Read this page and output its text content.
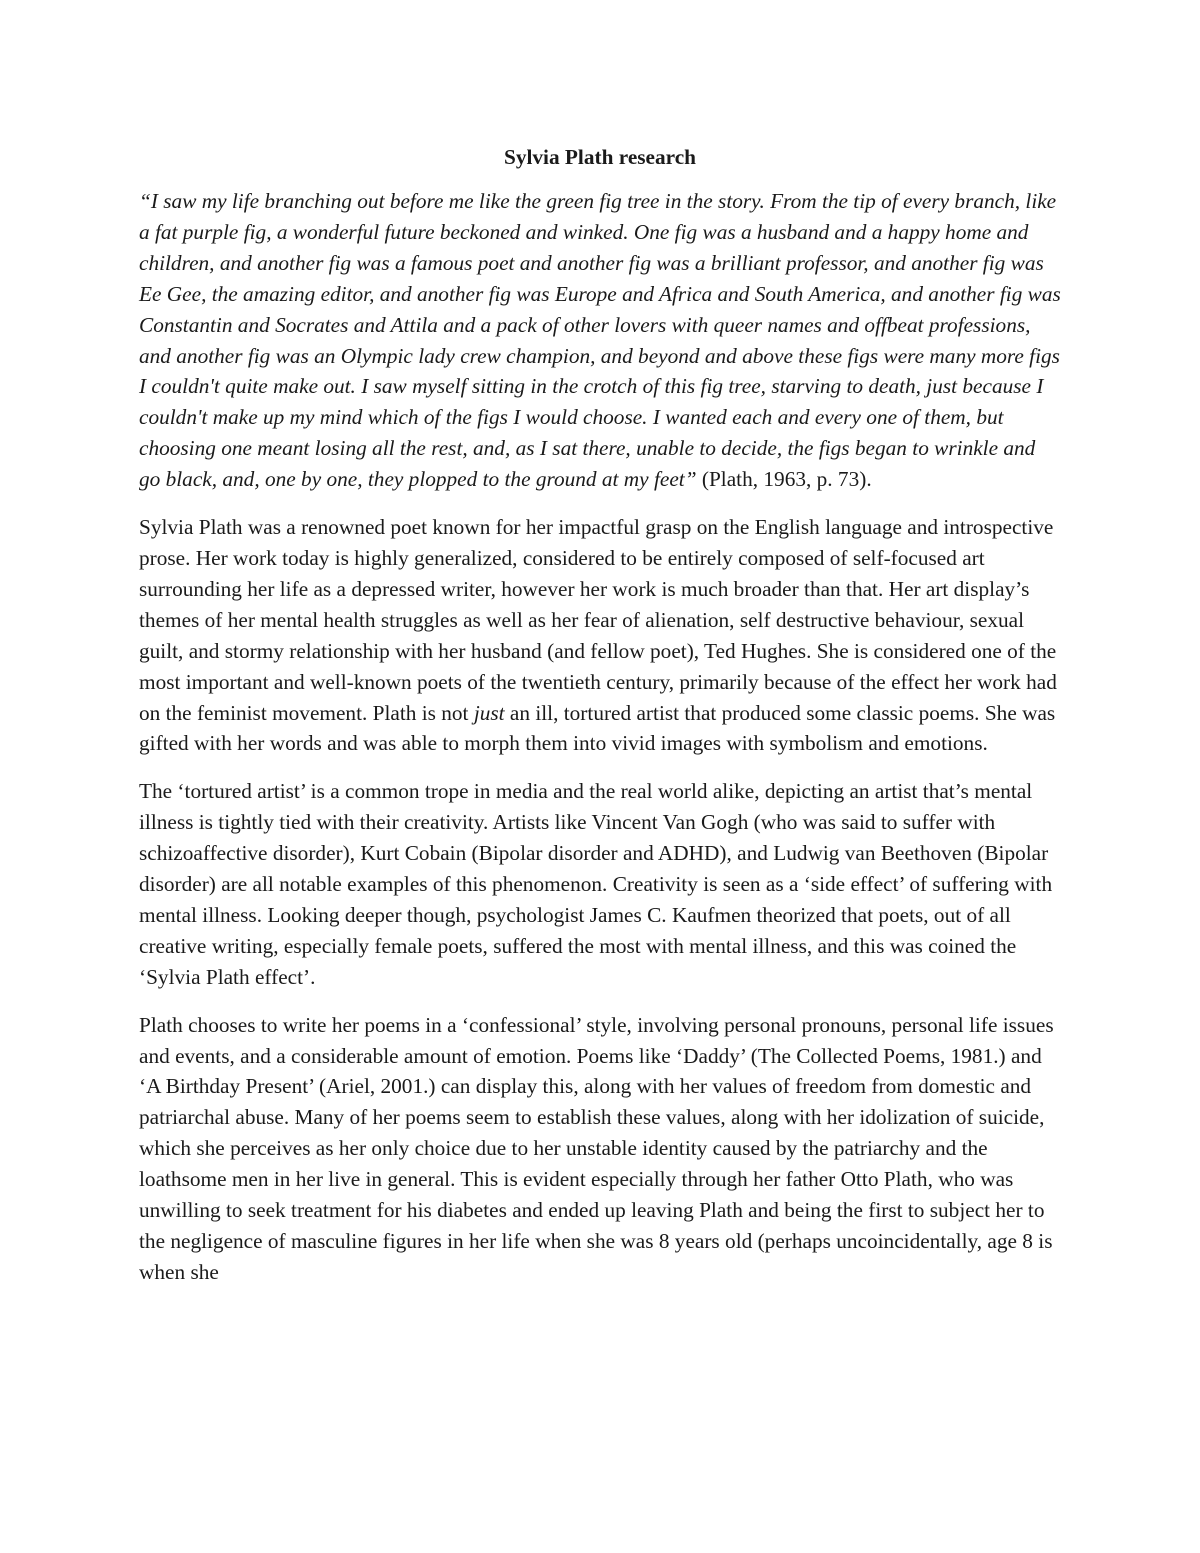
Sylvia Plath research

“I saw my life branching out before me like the green fig tree in the story. From the tip of every branch, like a fat purple fig, a wonderful future beckoned and winked. One fig was a husband and a happy home and children, and another fig was a famous poet and another fig was a brilliant professor, and another fig was Ee Gee, the amazing editor, and another fig was Europe and Africa and South America, and another fig was Constantin and Socrates and Attila and a pack of other lovers with queer names and offbeat professions, and another fig was an Olympic lady crew champion, and beyond and above these figs were many more figs I couldn't quite make out. I saw myself sitting in the crotch of this fig tree, starving to death, just because I couldn't make up my mind which of the figs I would choose. I wanted each and every one of them, but choosing one meant losing all the rest, and, as I sat there, unable to decide, the figs began to wrinkle and go black, and, one by one, they plopped to the ground at my feet” (Plath, 1963, p. 73).

Sylvia Plath was a renowned poet known for her impactful grasp on the English language and introspective prose. Her work today is highly generalized, considered to be entirely composed of self-focused art surrounding her life as a depressed writer, however her work is much broader than that. Her art display’s themes of her mental health struggles as well as her fear of alienation, self destructive behaviour, sexual guilt, and stormy relationship with her husband (and fellow poet), Ted Hughes. She is considered one of the most important and well-known poets of the twentieth century, primarily because of the effect her work had on the feminist movement. Plath is not just an ill, tortured artist that produced some classic poems. She was gifted with her words and was able to morph them into vivid images with symbolism and emotions.

The ‘tortured artist’ is a common trope in media and the real world alike, depicting an artist that’s mental illness is tightly tied with their creativity. Artists like Vincent Van Gogh (who was said to suffer with schizoaffective disorder), Kurt Cobain (Bipolar disorder and ADHD), and Ludwig van Beethoven (Bipolar disorder) are all notable examples of this phenomenon. Creativity is seen as a ‘side effect’ of suffering with mental illness. Looking deeper though, psychologist James C. Kaufmen theorized that poets, out of all creative writing, especially female poets, suffered the most with mental illness, and this was coined the ‘Sylvia Plath effect’.

Plath chooses to write her poems in a ‘confessional’ style, involving personal pronouns, personal life issues and events, and a considerable amount of emotion. Poems like ‘Daddy’ (The Collected Poems, 1981.) and ‘A Birthday Present’ (Ariel, 2001.) can display this, along with her values of freedom from domestic and patriarchal abuse. Many of her poems seem to establish these values, along with her idolization of suicide, which she perceives as her only choice due to her unstable identity caused by the patriarchy and the loathsome men in her live in general. This is evident especially through her father Otto Plath, who was unwilling to seek treatment for his diabetes and ended up leaving Plath and being the first to subject her to the negligence of masculine figures in her life when she was 8 years old (perhaps uncoincidentally, age 8 is when she
